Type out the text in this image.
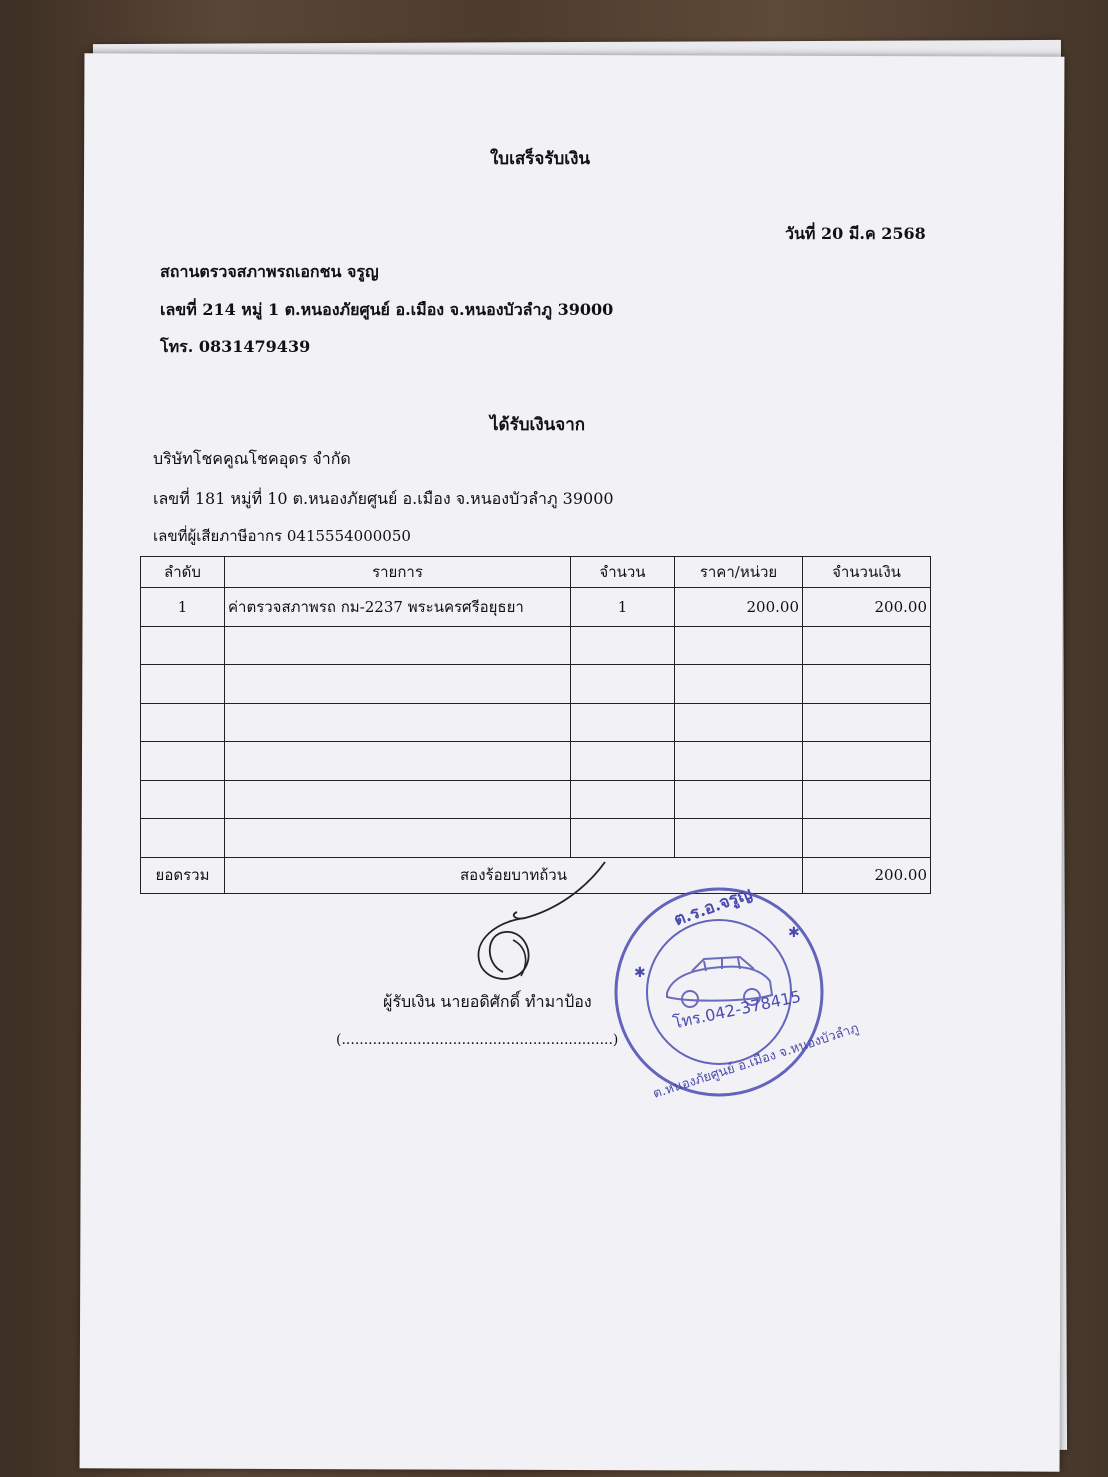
ใบเสร็จรับเงิน
วันที่ 20 มี.ค 2568
สถานตรวจสภาพรถเอกชน จรูญ
เลขที่ 214 หมู่ 1 ต.หนองภัยศูนย์ อ.เมือง จ.หนองบัวลำภู 39000
โทร. 0831479439
ได้รับเงินจาก
บริษัทโชคคูณโชคอุดร จำกัด
เลขที่ 181 หมู่ที่ 10 ต.หนองภัยศูนย์ อ.เมือง จ.หนองบัวลำภู 39000
เลขที่ผู้เสียภาษีอากร 0415554000050
ลำดับ	รายการ	จำนวน	ราคา/หน่วย	จำนวนเงิน
1	ค่าตรวจสภาพรถ กม-2237 พระนครศรีอยุธยา	1	200.00	200.00

ยอดรวม	สองร้อยบาทถ้วน			200.00
ผู้รับเงิน นายอดิศักดิ์ ทำมาป้อง
(.............................................................)
✱
✱
ต.ร.อ.จรูญ
โทร.042-378415
ต.หนองภัยศูนย์ อ.เมือง จ.หนองบัวลำภู
